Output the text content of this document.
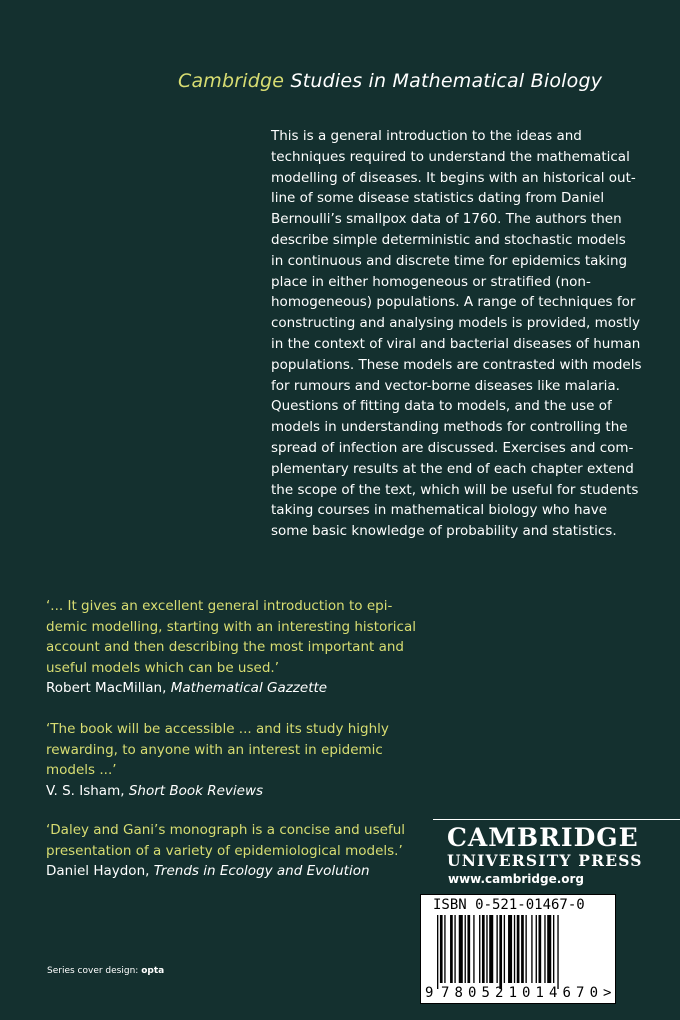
Cambridge Studies in Mathematical Biology
This is a general introduction to the ideas and
techniques required to understand the mathematical
modelling of diseases. It begins with an historical out-
line of some disease statistics dating from Daniel
Bernoulli’s smallpox data of 1760. The authors then
describe simple deterministic and stochastic models
in continuous and discrete time for epidemics taking
place in either homogeneous or stratified (non-
homogeneous) populations. A range of techniques for
constructing and analysing models is provided, mostly
in the context of viral and bacterial diseases of human
populations. These models are contrasted with models
for rumours and vector-borne diseases like malaria.
Questions of fitting data to models, and the use of
models in understanding methods for controlling the
spread of infection are discussed. Exercises and com-
plementary results at the end of each chapter extend
the scope of the text, which will be useful for students
taking courses in mathematical biology who have
some basic knowledge of probability and statistics.
‘... It gives an excellent general introduction to epi-
demic modelling, starting with an interesting historical
account and then describing the most important and
useful models which can be used.’
Robert MacMillan, Mathematical Gazzette
‘The book will be accessible ... and its study highly
rewarding, to anyone with an interest in epidemic
models ...’
V. S. Isham, Short Book Reviews
‘Daley and Gani’s monograph is a concise and useful
presentation of a variety of epidemiological models.’
Daniel Haydon, Trends in Ecology and Evolution
CAMBRIDGE
UNIVERSITY PRESS
www.cambridge.org
ISBN 0-521-01467-0
9 780521 014670 >
Series cover design: opta
